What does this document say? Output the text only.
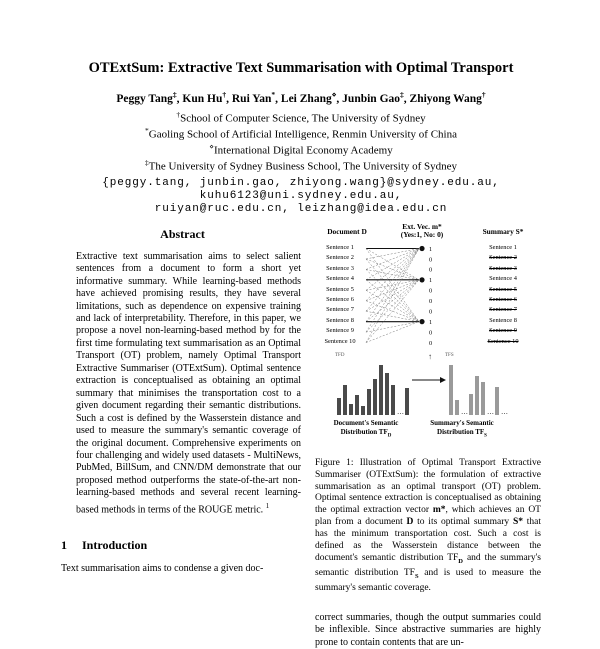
OTExtSum: Extractive Text Summarisation with Optimal Transport
Peggy Tang‡, Kun Hu†, Rui Yan*, Lei Zhang⋄, Junbin Gao‡, Zhiyong Wang†
†School of Computer Science, The University of Sydney
*Gaoling School of Artificial Intelligence, Renmin University of China
⋄International Digital Economy Academy
‡The University of Sydney Business School, The University of Sydney
{peggy.tang, junbin.gao, zhiyong.wang}@sydney.edu.au,
kuhu6123@uni.sydney.edu.au,
ruiyan@ruc.edu.cn, leizhang@idea.edu.cn
Abstract

Extractive text summarisation aims to select salient sentences from a document to form a short yet informative summary. While learning-based methods have achieved promising results, they have several limitations, such as dependence on expensive training and lack of interpretability. Therefore, in this paper, we propose a novel non-learning-based method by for the first time formulating text summarisation as an Optimal Transport (OT) problem, namely Optimal Transport Extractive Summariser (OTExtSum). Optimal sentence extraction is conceptualised as obtaining an optimal summary that minimises the transportation cost to a given document regarding their semantic distributions. Such a cost is defined by the Wasserstein distance and used to measure the summary's semantic coverage of the original document. Comprehensive experiments on four challenging and widely used datasets - MultiNews, PubMed, BillSum, and CNN/DM demonstrate that our proposed method outperforms the state-of-the-art non-learning-based methods and several recent learning-based methods in terms of the ROUGE metric. $^1$

1 Introduction

Text summarisation aims to condense a given doc-

Document D
Ext. Vec. m*
(Yes:1, No: 0)	Summary S*
Sentence 1
Sentence 2
Sentence 3
Sentence 4
Sentence 5
Sentence 6
Sentence 7
Sentence 8
Sentence 9
Sentence 10
1
0
0
1
0
0
0
1
0
0
Sentence 1
Sentence 2
Sentence 3
Sentence 4
Sentence 5
Sentence 6
Sentence 7
Sentence 8
Sentence 9
Sentence 10
TFD	TFS
↑
…	…	… …
Document's Semantic
Distribution $TF_D$
Summary's Semantic
Distribution $TF_S$

Figure 1: Illustration of Optimal Transport Extractive Summariser (OTExtSum): the formulation of extractive summarisation as an optimal transport (OT) problem. Optimal sentence extraction is conceptualised as obtaining the optimal extraction vector m*, which achieves an OT plan from a document D to its optimal summary S* that has the minimum transportation cost. Such a cost is defined as the Wasserstein distance between the document's semantic distribution $TF_D$ and the summary's semantic distribution $TF_S$ and is used to measure the summary's semantic coverage.

correct summaries, though the output summaries could be inflexible. Since abstractive summaries are highly prone to contain contents that are un-
